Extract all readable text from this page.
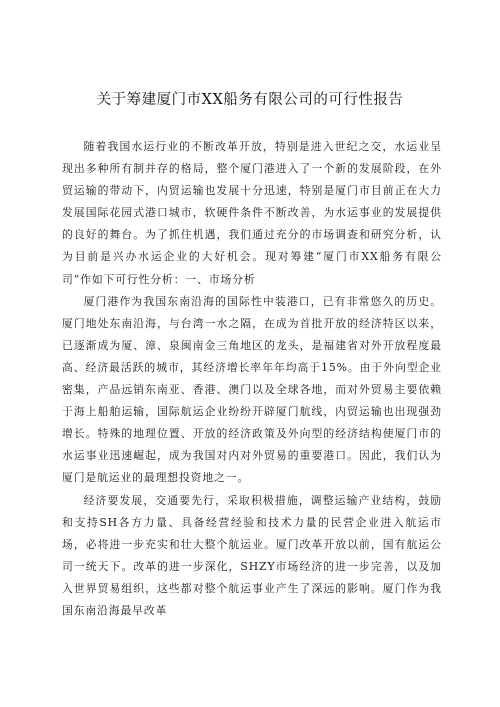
关于筹建厦门市XX船务有限公司的可行性报告

随着我国水运行业的不断改革开放，特别是进入世纪之交，水运业呈现出多种所有制并存的格局，整个厦门港进入了一个新的发展阶段，在外贸运输的带动下，内贸运输也发展十分迅速，特别是厦门市目前正在大力发展国际花园式港口城市，软硬件条件不断改善，为水运事业的发展提供的良好的舞台。为了抓住机遇，我们通过充分的市场调查和研究分析，认为目前是兴办水运企业的大好机会。现对筹建“厦门市XX船务有限公司”作如下可行性分析：一、市场分析

厦门港作为我国东南沿海的国际性中装港口，已有非常悠久的历史。厦门地处东南沿海，与台湾一水之隔，在成为首批开放的经济特区以来，已逐渐成为厦、漳、泉闽南金三角地区的龙头，是福建省对外开放程度最高、经济最活跃的城市，其经济增长率年年均高于15%。由于外向型企业密集，产品远销东南亚、香港、澳门以及全球各地，而对外贸易主要依赖于海上船舶运输，国际航运企业纷纷开辟厦门航线，内贸运输也出现强劲增长。特殊的地理位置、开放的经济政策及外向型的经济结构使厦门市的水运事业迅速崛起，成为我国对内对外贸易的重要港口。因此，我们认为厦门是航运业的最理想投资地之一。

经济要发展，交通要先行，采取积极措施，调整运输产业结构，鼓励和支持SH各方力量、具备经营经验和技术力量的民营企业进入航运市场，必将进一步充实和壮大整个航运业。厦门改革开放以前，国有航运公司一统天下。改革的进一步深化，SHZY市场经济的进一步完善，以及加入世界贸易组织，这些都对整个航运事业产生了深远的影响。厦门作为我国东南沿海最早改革
